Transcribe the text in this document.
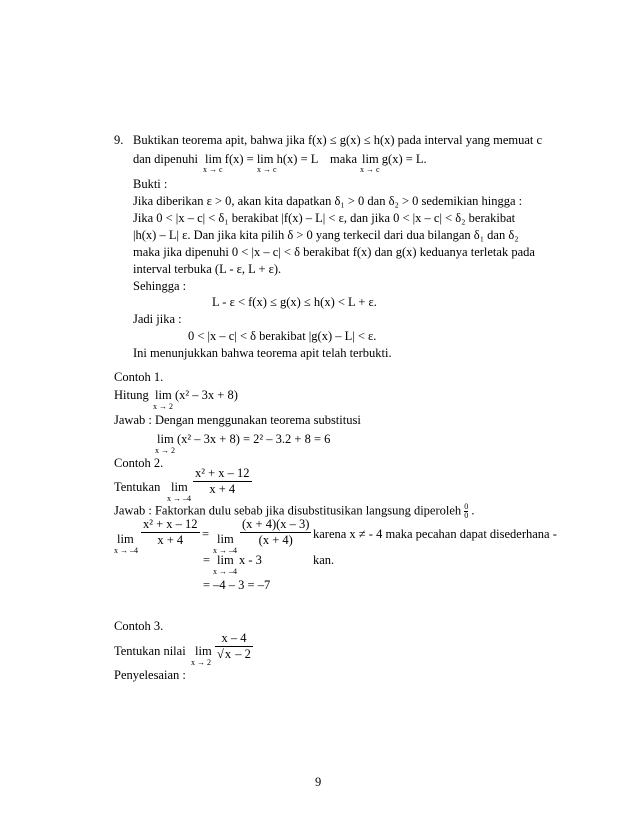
9. Buktikan teorema apit, bahwa jika f(x) ≤ g(x) ≤ h(x) pada interval yang memuat c
dan dipenuhi lim f(x) = lim h(x) = L maka lim g(x) = L.
x → c	x → c	x → c
Bukti :
Jika diberikan ε > 0, akan kita dapatkan δ₁ > 0 dan δ₂ > 0 sedemikian hingga :
Jika 0 < |x – c| < δ₁ berakibat |f(x) – L| < ε, dan jika 0 < |x – c| < δ₂ berakibat
|h(x) – L| ε. Dan jika kita pilih δ > 0 yang terkecil dari dua bilangan δ₁ dan δ₂
maka jika dipenuhi 0 < |x – c| < δ berakibat f(x) dan g(x) keduanya terletak pada
interval terbuka (L - ε, L + ε).
Sehingga :
L - ε < f(x) ≤ g(x) ≤ h(x) < L + ε.
Jadi jika :
0 < |x – c| < δ berakibat |g(x) – L| < ε.
Ini menunjukkan bahwa teorema apit telah terbukti.
Contoh 1.
Hitung lim (x² – 3x + 8)
x → 2
Jawab : Dengan menggunakan teorema substitusi
lim (x² – 3x + 8) = 2² – 3.2 + 8 = 6
x → 2
Contoh 2.
Tentukan lim
x → –4
$\frac{\text{x² + x – 12}}{x + 4}$
Jawab : Faktorkan dulu sebab jika disubstitusikan langsung diperoleh $\frac{0}{0}$ .
lim
x → –4
$\frac{\text{x² + x – 12}}{x + 4} = \lim$
x → –4
$\frac{(x + 4)(x - 3)}{(x + 4)}$ karena x ≠ - 4 maka pecahan dapat disederhana -
= lim x - 3
x → –4
kan.
= –4 – 3 = –7
Contoh 3.
Tentukan nilai lim
x → 2
$\frac{x - 4}{√x - 2}$
Penyelesaian :
9
